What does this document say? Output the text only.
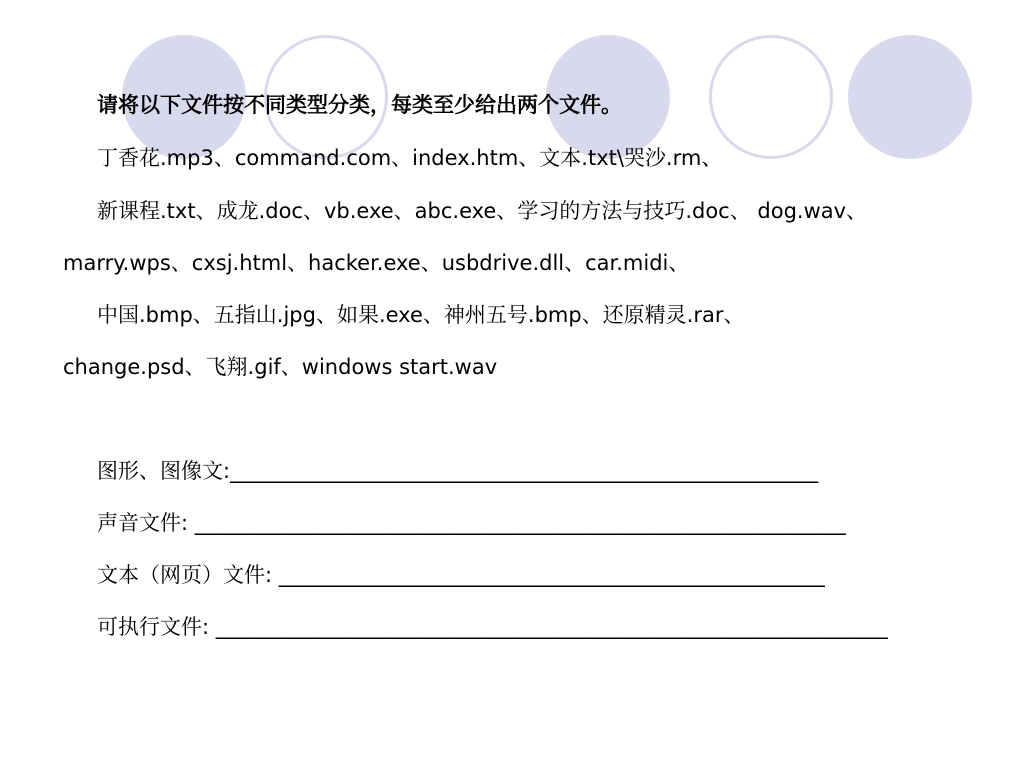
请将以下文件按不同类型分类，每类至少给出两个文件。
丁香花.mp3、command.com、index.htm、文本.txt\哭沙.rm、
新课程.txt、成龙.doc、vb.exe、abc.exe、学习的方法与技巧.doc、 dog.wav、
marry.wps、cxsj.html、hacker.exe、usbdrive.dll、car.midi、
中国.bmp、五指山.jpg、如果.exe、神州五号.bmp、还原精灵.rar、
change.psd、飞翔.gif、windows start.wav
图形、图像文:________________________________________________________
声音文件: ______________________________________________________________
文本（网页）文件: ____________________________________________________
可执行文件: ________________________________________________________________
